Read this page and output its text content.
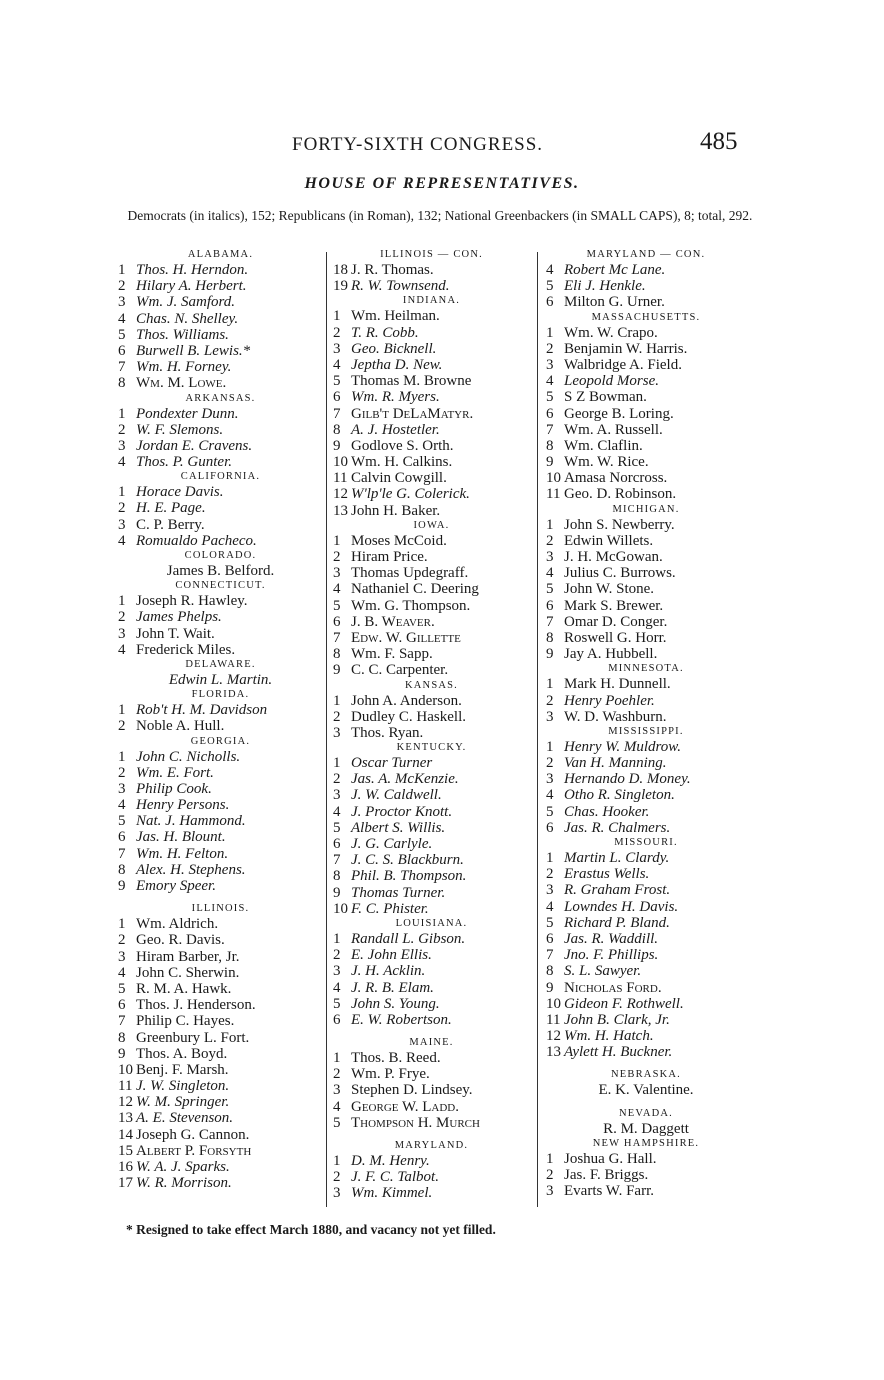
FORTY-SIXTH CONGRESS.	485
HOUSE OF REPRESENTATIVES.
Democrats (in italics), 152; Republicans (in Roman), 132; National Greenbackers (in SMALL CAPS), 8; total, 292.
ALABAMA.
1 Thos. H. Herndon.
2 Hilary A. Herbert.
3 Wm. J. Samford.
4 Chas. N. Shelley.
5 Thos. Williams.
6 Burwell B. Lewis.*
7 Wm. H. Forney.
8 Wm. M. Lowe.
ARKANSAS.
1 Pondexter Dunn.
2 W. F. Slemons.
3 Jordan E. Cravens.
4 Thos. P. Gunter.
CALIFORNIA.
1 Horace Davis.
2 H. E. Page.
3 C. P. Berry.
4 Romualdo Pacheco.
COLORADO.
James B. Belford.
CONNECTICUT.
1 Joseph R. Hawley.
2 James Phelps.
3 John T. Wait.
4 Frederick Miles.
DELAWARE.
Edwin L. Martin.
FLORIDA.
1 Rob't H. M. Davidson
2 Noble A. Hull.
GEORGIA.
1 John C. Nicholls.
2 Wm. E. Fort.
3 Philip Cook.
4 Henry Persons.
5 Nat. J. Hammond.
6 Jas. H. Blount.
7 Wm. H. Felton.
8 Alex. H. Stephens.
9 Emory Speer.
ILLINOIS.
1 Wm. Aldrich.
2 Geo. R. Davis.
3 Hiram Barber, Jr.
4 John C. Sherwin.
5 R. M. A. Hawk.
6 Thos. J. Henderson.
7 Philip C. Hayes.
8 Greenbury L. Fort.
9 Thos. A. Boyd.
10 Benj. F. Marsh.
11 J. W. Singleton.
12 W. M. Springer.
13 A. E. Stevenson.
14 Joseph G. Cannon.
15 Albert P. Forsyth
16 W. A. J. Sparks.
17 W. R. Morrison.
ILLINOIS — CON.
18 J. R. Thomas.
19 R. W. Townsend.
INDIANA.
1 Wm. Heilman.
2 T. R. Cobb.
3 Geo. Bicknell.
4 Jeptha D. New.
5 Thomas M. Browne
6 Wm. R. Myers.
7 Gilb't DeLaMatyr.
8 A. J. Hostetler.
9 Godlove S. Orth.
10 Wm. H. Calkins.
11 Calvin Cowgill.
12 W'lp'le G. Colerick.
13 John H. Baker.
IOWA.
1 Moses McCoid.
2 Hiram Price.
3 Thomas Updegraff.
4 Nathaniel C. Deering
5 Wm. G. Thompson.
6 J. B. Weaver.
7 Edw. W. Gillette
8 Wm. F. Sapp.
9 C. C. Carpenter.
KANSAS.
1 John A. Anderson.
2 Dudley C. Haskell.
3 Thos. Ryan.
KENTUCKY.
1 Oscar Turner
2 Jas. A. McKenzie.
3 J. W. Caldwell.
4 J. Proctor Knott.
5 Albert S. Willis.
6 J. G. Carlyle.
7 J. C. S. Blackburn.
8 Phil. B. Thompson.
9 Thomas Turner.
10 F. C. Phister.
LOUISIANA.
1 Randall L. Gibson.
2 E. John Ellis.
3 J. H. Acklin.
4 J. R. B. Elam.
5 John S. Young.
6 E. W. Robertson.
MAINE.
1 Thos. B. Reed.
2 Wm. P. Frye.
3 Stephen D. Lindsey.
4 George W. Ladd.
5 Thompson H. Murch
MARYLAND.
1 D. M. Henry.
2 J. F. C. Talbot.
3 Wm. Kimmel.
MARYLAND — CON.
4 Robert Mc Lane.
5 Eli J. Henkle.
6 Milton G. Urner.
MASSACHUSETTS.
1 Wm. W. Crapo.
2 Benjamin W. Harris.
3 Walbridge A. Field.
4 Leopold Morse.
5 S Z Bowman.
6 George B. Loring.
7 Wm. A. Russell.
8 Wm. Claflin.
9 Wm. W. Rice.
10 Amasa Norcross.
11 Geo. D. Robinson.
MICHIGAN.
1 John S. Newberry.
2 Edwin Willets.
3 J. H. McGowan.
4 Julius C. Burrows.
5 John W. Stone.
6 Mark S. Brewer.
7 Omar D. Conger.
8 Roswell G. Horr.
9 Jay A. Hubbell.
MINNESOTA.
1 Mark H. Dunnell.
2 Henry Poehler.
3 W. D. Washburn.
MISSISSIPPI.
1 Henry W. Muldrow.
2 Van H. Manning.
3 Hernando D. Money.
4 Otho R. Singleton.
5 Chas. Hooker.
6 Jas. R. Chalmers.
MISSOURI.
1 Martin L. Clardy.
2 Erastus Wells.
3 R. Graham Frost.
4 Lowndes H. Davis.
5 Richard P. Bland.
6 Jas. R. Waddill.
7 Jno. F. Phillips.
8 S. L. Sawyer.
9 Nicholas Ford.
10 Gideon F. Rothwell.
11 John B. Clark, Jr.
12 Wm. H. Hatch.
13 Aylett H. Buckner.
NEBRASKA.
E. K. Valentine.
NEVADA.
R. M. Daggett
NEW HAMPSHIRE.
1 Joshua G. Hall.
2 Jas. F. Briggs.
3 Evarts W. Farr.
* Resigned to take effect March 1880, and vacancy not yet filled.
